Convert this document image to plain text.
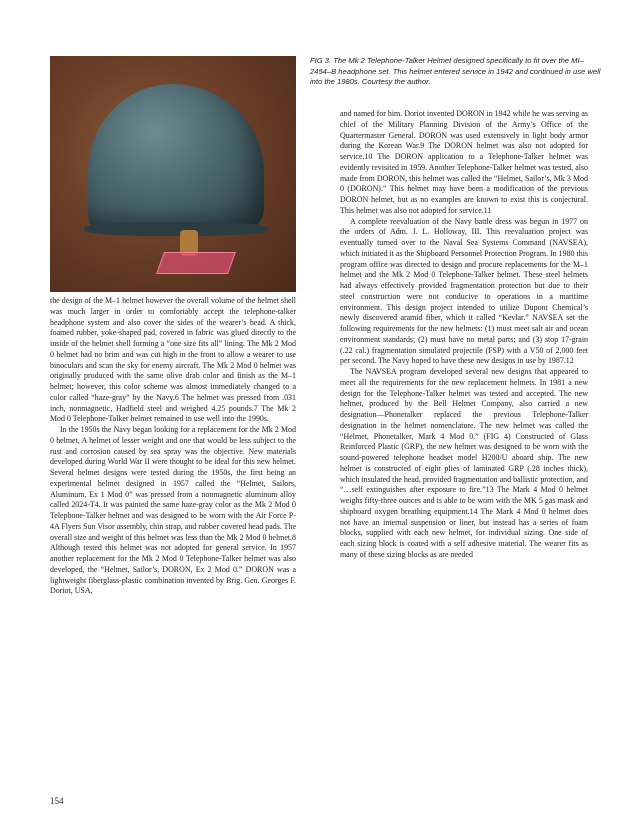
FIG 3. The Mk 2 Telephone-Talker Helmet designed specifically to fit over the MI–2454–B headphone set. This helmet entered service in 1942 and continued in use well into the 1980s. Courtesy the author.

the design of the M–1 helmet however the overall volume of the helmet shell was much larger in order to comfortably accept the telephone-talker headphone system and also cover the sides of the wearer’s head. A thick, foamed rubber, yoke-shaped pad, covered in fabric was glued directly to the inside of the helmet shell forming a “one size fits all” lining. The Mk 2 Mod 0 helmet had no brim and was cut high in the front to allow a wearer to use binoculars and scan the sky for enemy aircraft. The Mk 2 Mod 0 helmet was originally produced with the same olive drab color and finish as the M–1 helmet; however, this color scheme was almost immediately changed to a color called “haze-gray” by the Navy.6 The helmet was pressed from .031 inch, nonmagnetic, Hadfield steel and weighed 4.25 pounds.7 The Mk 2 Mod 0 Telephone-Talker helmet remained in use well into the 1990s.

In the 1950s the Navy began looking for a replacement for the Mk 2 Mod 0 helmet, A helmet of lesser weight and one that would be less subject to the rust and corrosion caused by sea spray was the objective. New materials developed during World War II were thought to be ideal for this new helmet. Several helmet designs were tested during the 1950s, the first being an experimental helmet designed in 1957 called the “Helmet, Sailors, Aluminum, Ex 1 Mod 0” was pressed from a nonmagnetic aluminum alloy called 2024-T4. It was painted the same haze-gray color as the Mk 2 Mod 0 Telephone-Talker helmet and was designed to be worn with the Air Force P-4A Flyers Sun Visor assembly, chin strap, and rubber covered head pads. The overall size and weight of this helmet was less than the Mk 2 Mod 0 helmet.8 Although tested this helmet was not adopted for general service. In 1957 another replacement for the Mk 2 Mod 0 Telephone-Talker helmet was also developed, the “Helmet, Sailor’s, DORON, Ex 2 Mod 0.” DORON was a lightweight fiberglass-plastic combination invented by Brig. Gen. Georges F. Doriot, USA,

and named for him. Doriot invented DORON in 1942 while he was serving as chief of the Military Planning Division of the Army’s Office of the Quartermaster General. DORON was used extensively in light body armor during the Korean War.9 The DORON helmet was also not adopted for service.10 The DORON application to a Telephone-Talker helmet was evidently revisited in 1959. Another Telephone-Talker helmet was tested, also made from DORON, this helmet was called the “Helmet, Sailor’s, Mk 3 Mod 0 (DORON).” This helmet may have been a modification of the previous DORON helmet, but as no examples are known to exist this is conjectural. This helmet was also not adopted for service.11

A complete reevaluation of the Navy battle dress was begun in 1977 on the orders of Adm. J. L. Holloway, III. This reevaluation project was eventually turned over to the Naval Sea Systems Command (NAVSEA), which initiated it as the Shipboard Personnel Protection Program. In 1980 this program office was directed to design and procure replacements for the M–1 helmet and the Mk 2 Mod 0 Telephone-Talker helmet. These steel helmets had always effectively provided fragmentation protection but due to their steel construction were not conducive to operations in a maritime environment. This design project intended to utilize Dupont Chemical’s newly discovered aramid fiber, which it called “Kevlar.” NAVSEA set the following requirements for the new helmets: (1) must meet salt air and ocean environment standards; (2) must have no metal parts; and (3) stop 17-grain (.22 cal.) fragmentation simulated projectile (FSP) with a V50 of 2,000 feet per second. The Navy hoped to have these new designs in use by 1987.12

The NAVSEA program developed several new designs that appeared to meet all the requirements for the new replacement helmets. In 1981 a new design for the Telephone-Talker helmet was tested and accepted. The new helmet, produced by the Bell Helmet Company, also carried a new designation—Phonetalker replaced the previous Telephone-Talker designation in the helmet nomenclature. The new helmet was called the “Helmet, Phonetalker, Mark 4 Mod 0.” (FIG 4) Constructed of Glass Reinforced Plastic (GRP), the new helmet was designed to be worn with the sound-powered telephone headset model H200/U aboard ship. The new helmet is constructed of eight plies of laminated GRP (.28 inches thick), which insulated the head, provided fragmentation and ballistic protection, and “…self extinguishes after exposure to fire.”13 The Mark 4 Mod 0 helmet weighs fifty-three ounces and is able to be worn with the MK 5 gas mask and shipboard oxygen breathing equipment.14 The Mark 4 Mod 0 helmet does not have an internal suspension or liner, but instead has a series of foam blocks, supplied with each new helmet, for individual sizing. One side of each sizing block is coated with a self adhesive material. The wearer fits as many of these sizing blocks as are needed

154
